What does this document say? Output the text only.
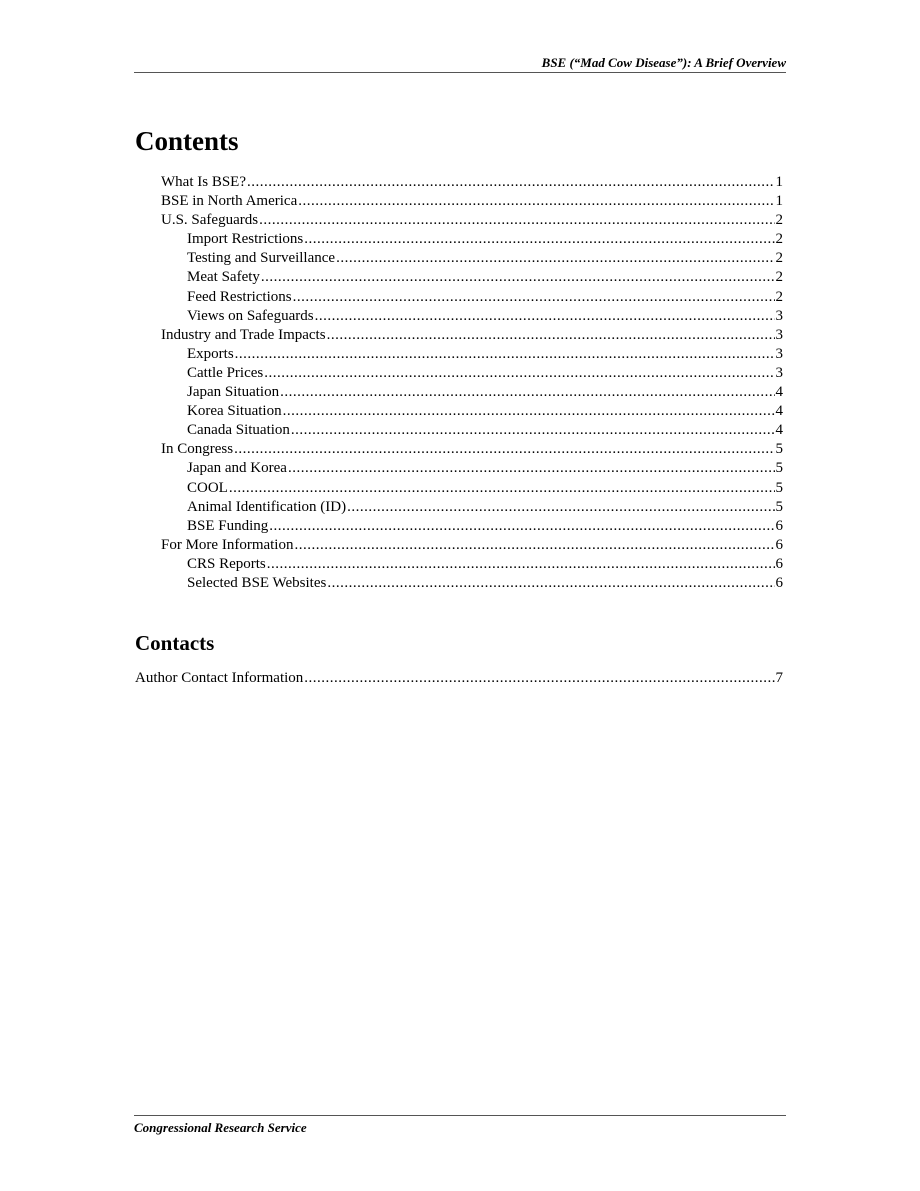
BSE (“Mad Cow Disease”): A Brief Overview
Contents
What Is BSE? .....	1
BSE in North America .....	1
U.S. Safeguards .....	2
Import Restrictions .....	2
Testing and Surveillance .....	2
Meat Safety .....	2
Feed Restrictions .....	2
Views on Safeguards .....	3
Industry and Trade Impacts .....	3
Exports .....	3
Cattle Prices .....	3
Japan Situation .....	4
Korea Situation .....	4
Canada Situation .....	4
In Congress .....	5
Japan and Korea .....	5
COOL .....	5
Animal Identification (ID) .....	5
BSE Funding .....	6
For More Information .....	6
CRS Reports .....	6
Selected BSE Websites .....	6
Contacts
Author Contact Information .....	7
Congressional Research Service
